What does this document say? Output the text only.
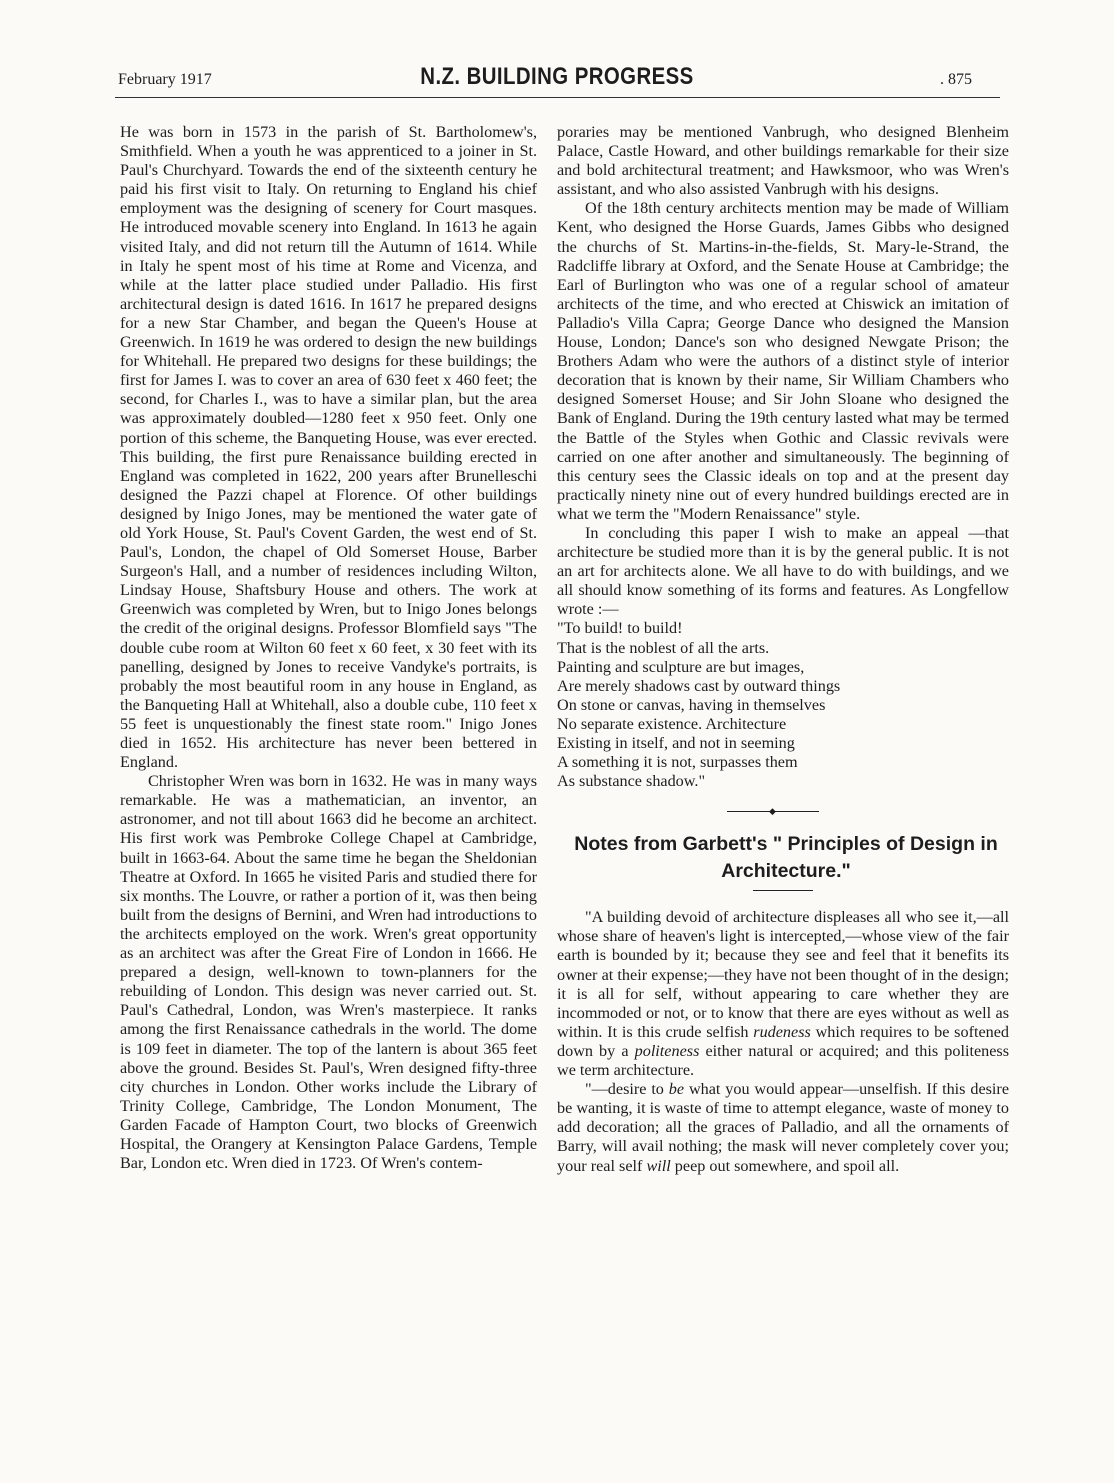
February 1917	N.Z. BUILDING PROGRESS	. 875

He was born in 1573 in the parish of St. Bartholomew's, Smithfield. When a youth he was apprenticed to a joiner in St. Paul's Churchyard. Towards the end of the sixteenth century he paid his first visit to Italy. On returning to England his chief employment was the designing of scenery for Court masques. He introduced movable scenery into England. In 1613 he again visited Italy, and did not return till the Autumn of 1614. While in Italy he spent most of his time at Rome and Vicenza, and while at the latter place studied under Palladio. His first architectural design is dated 1616. In 1617 he prepared designs for a new Star Chamber, and began the Queen's House at Greenwich. In 1619 he was ordered to design the new buildings for Whitehall. He prepared two designs for these buildings; the first for James I. was to cover an area of 630 feet x 460 feet; the second, for Charles I., was to have a similar plan, but the area was approximately doubled—1280 feet x 950 feet. Only one portion of this scheme, the Banqueting House, was ever erected. This building, the first pure Renaissance building erected in England was completed in 1622, 200 years after Brunelleschi designed the Pazzi chapel at Florence. Of other buildings designed by Inigo Jones, may be mentioned the water gate of old York House, St. Paul's Covent Garden, the west end of St. Paul's, London, the chapel of Old Somerset House, Barber Surgeon's Hall, and a number of residences including Wilton, Lindsay House, Shaftsbury House and others. The work at Greenwich was completed by Wren, but to Inigo Jones belongs the credit of the original designs. Professor Blomfield says "The double cube room at Wilton 60 feet x 60 feet, x 30 feet with its panelling, designed by Jones to receive Vandyke's portraits, is probably the most beautiful room in any house in England, as the Banqueting Hall at Whitehall, also a double cube, 110 feet x 55 feet is unquestionably the finest state room." Inigo Jones died in 1652. His architecture has never been bettered in England.

Christopher Wren was born in 1632. He was in many ways remarkable. He was a mathematician, an inventor, an astronomer, and not till about 1663 did he become an architect. His first work was Pembroke College Chapel at Cambridge, built in 1663-64. About the same time he began the Sheldonian Theatre at Oxford. In 1665 he visited Paris and studied there for six months. The Louvre, or rather a portion of it, was then being built from the designs of Bernini, and Wren had introductions to the architects employed on the work. Wren's great opportunity as an architect was after the Great Fire of London in 1666. He prepared a design, well-known to town-planners for the rebuilding of London. This design was never carried out. St. Paul's Cathedral, London, was Wren's masterpiece. It ranks among the first Renaissance cathedrals in the world. The dome is 109 feet in diameter. The top of the lantern is about 365 feet above the ground. Besides St. Paul's, Wren designed fifty-three city churches in London. Other works include the Library of Trinity College, Cambridge, The London Monument, The Garden Facade of Hampton Court, two blocks of Greenwich Hospital, the Orangery at Kensington Palace Gardens, Temple Bar, London etc. Wren died in 1723. Of Wren's contem-

poraries may be mentioned Vanbrugh, who designed Blenheim Palace, Castle Howard, and other buildings remarkable for their size and bold architectural treatment; and Hawksmoor, who was Wren's assistant, and who also assisted Vanbrugh with his designs.

Of the 18th century architects mention may be made of William Kent, who designed the Horse Guards, James Gibbs who designed the churchs of St. Martins-in-the-fields, St. Mary-le-Strand, the Radcliffe library at Oxford, and the Senate House at Cambridge; the Earl of Burlington who was one of a regular school of amateur architects of the time, and who erected at Chiswick an imitation of Palladio's Villa Capra; George Dance who designed the Mansion House, London; Dance's son who designed Newgate Prison; the Brothers Adam who were the authors of a distinct style of interior decoration that is known by their name, Sir William Chambers who designed Somerset House; and Sir John Sloane who designed the Bank of England. During the 19th century lasted what may be termed the Battle of the Styles when Gothic and Classic revivals were carried on one after another and simultaneously. The beginning of this century sees the Classic ideals on top and at the present day practically ninety nine out of every hundred buildings erected are in what we term the "Modern Renaissance" style.

In concluding this paper I wish to make an appeal —that architecture be studied more than it is by the general public. It is not an art for architects alone. We all have to do with buildings, and we all should know something of its forms and features. As Longfellow wrote :—

"To build! to build!
That is the noblest of all the arts.
Painting and sculpture are but images,
Are merely shadows cast by outward things
On stone or canvas, having in themselves
No separate existence. Architecture
Existing in itself, and not in seeming
A something it is not, surpasses them
As substance shadow."

◆
Notes from Garbett's " Principles of Design in Architecture."

"A building devoid of architecture displeases all who see it,—all whose share of heaven's light is intercepted,—whose view of the fair earth is bounded by it; because they see and feel that it benefits its owner at their expense;—they have not been thought of in the design; it is all for self, without appearing to care whether they are incommoded or not, or to know that there are eyes without as well as within. It is this crude selfish rudeness which requires to be softened down by a politeness either natural or acquired; and this politeness we term architecture.

"—desire to be what you would appear—unselfish. If this desire be wanting, it is waste of time to attempt elegance, waste of money to add decoration; all the graces of Palladio, and all the ornaments of Barry, will avail nothing; the mask will never completely cover you; your real self will peep out somewhere, and spoil all.
